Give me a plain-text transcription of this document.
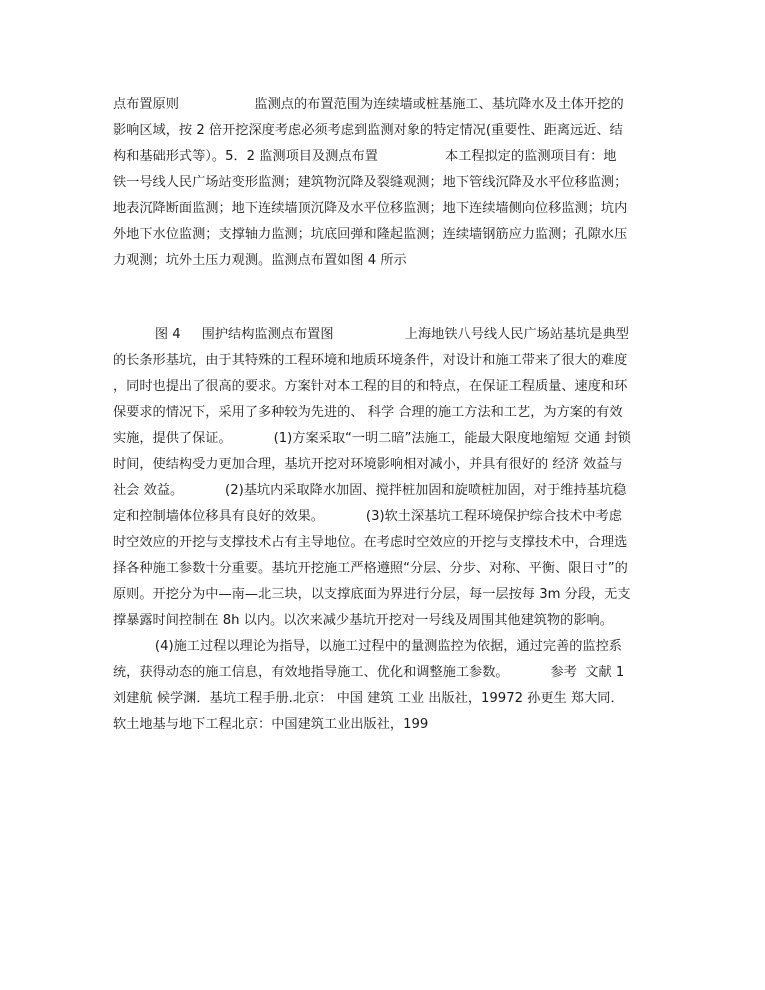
点布置原则                  监测点的布置范围为连续墙或桩基施工、基坑降水及土体开挖的
影响区域，按 2 倍开挖深度考虑必须考虑到监测对象的特定情况(重要性、距离远近、结
构和基础形式等）。5．2 监测项目及测点布置                本工程拟定的监测项目有：地
铁一号线人民广场站变形监测；建筑物沉降及裂缝观测；地下管线沉降及水平位移监测；
地表沉降断面监测；地下连续墙顶沉降及水平位移监测；地下连续墙侧向位移监测；坑内
外地下水位监测；支撑轴力监测；坑底回弹和隆起监测；连续墙钢筋应力监测；孔隙水压
力观测；坑外土压力观测。监测点布置如图 4 所示
图 4     围护结构监测点布置图                 上海地铁八号线人民广场站基坑是典型
的长条形基坑，由于其特殊的工程环境和地质环境条件，对设计和施工带来了很大的难度
，同时也提出了很高的要求。方案针对本工程的目的和特点，在保证工程质量、速度和环
保要求的情况下，采用了多种较为先进的、 科学 合理的施工方法和工艺，为方案的有效
实施，提供了保证。          (1)方案采取“一明二暗”法施工，能最大限度地缩短 交通 封锁
时间，使结构受力更加合理，基坑开挖对环境影响相对减小，并具有很好的 经济 效益与
社会 效益。          (2)基坑内采取降水加固、搅拌桩加固和旋喷桩加固，对于维持基坑稳
定和控制墙体位移具有良好的效果。          (3)软土深基坑工程环境保护综合技术中考虑
时空效应的开挖与支撑技术占有主导地位。在考虑时空效应的开挖与支撑技术中，合理选
择各种施工参数十分重要。基坑开挖施工严格遵照“分层、分步、对称、平衡、限日寸”的
原则。开挖分为中—南—北三块，以支撑底面为界进行分层，每一层按每 3m 分段，无支
撑暴露时间控制在 8h 以内。以次来减少基坑开挖对一号线及周围其他建筑物的影响。
(4)施工过程以理论为指导，以施工过程中的量测监控为依据，通过完善的监控系
统，获得动态的施工信息，有效地指导施工、优化和调整施工参数。          参考  文献 1
刘建航 候学渊．基坑工程手册.北京： 中国 建筑 工业 出版社，19972 孙更生 郑大同．
软土地基与地下工程北京：中国建筑工业出版社，199
